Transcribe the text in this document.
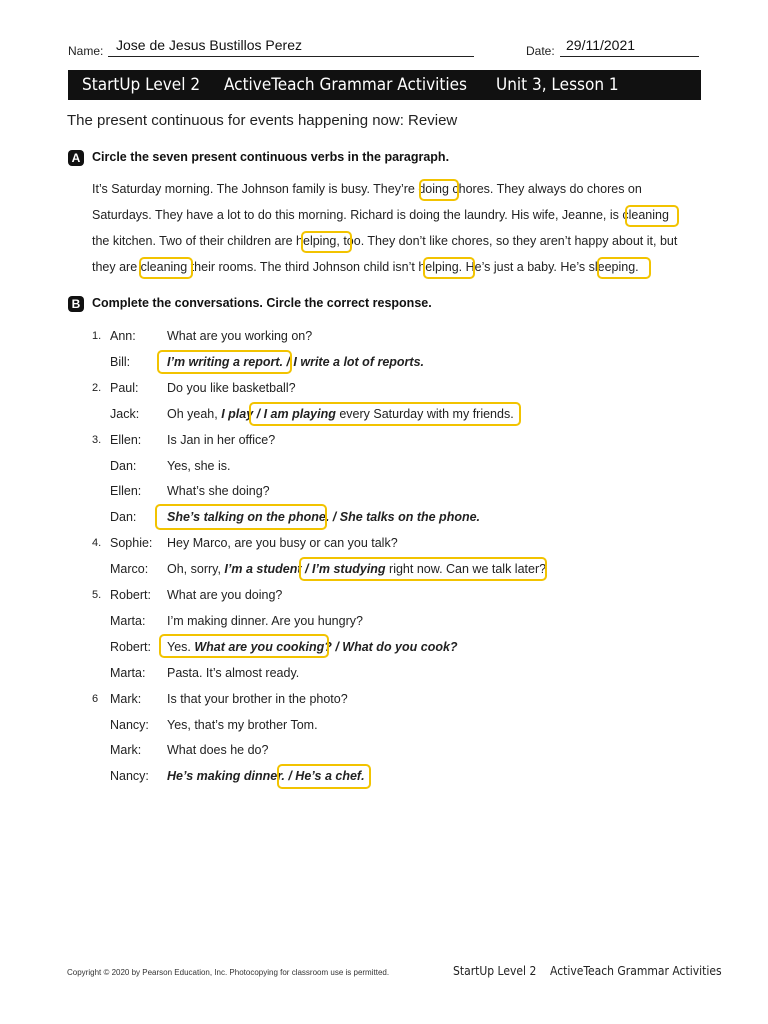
Name: Jose de Jesus Bustillos Perez	Date: 29/11/2021
StartUp Level 2 ActiveTeach Grammar Activities Unit 3, Lesson 1
The present continuous for events happening now: Review
A Circle the seven present continuous verbs in the paragraph.
It’s Saturday morning. The Johnson family is busy. They’re doing chores. They always do chores on
Saturdays. They have a lot to do this morning. Richard is doing the laundry. His wife, Jeanne, is cleaning
the kitchen. Two of their children are helping, too. They don’t like chores, so they aren’t happy about it, but
they are cleaning their rooms. The third Johnson child isn’t helping. He’s just a baby. He’s sleeping.
B Complete the conversations. Circle the correct response.
1. Ann:	What are you working on?
Bill:	I’m writing a report. / I write a lot of reports.
2. Paul: Do you like basketball?
Jack: Oh yeah, I play / I am playing every Saturday with my friends.
3. Ellen: Is Jan in her office?
Dan: Yes, she is.
Ellen: What’s she doing?
Dan: She’s talking on the phone. / She talks on the phone.
4. Sophie: Hey Marco, are you busy or can you talk?
Marco: Oh, sorry, I’m a student / I’m studying right now. Can we talk later?
5. Robert: What are you doing?
Marta: I’m making dinner. Are you hungry?
Robert: Yes. What are you cooking? / What do you cook?
Marta: Pasta. It’s almost ready.
6 Mark: Is that your brother in the photo?
Nancy: Yes, that’s my brother Tom.
Mark: What does he do?
Nancy: He’s making dinner. / He’s a chef.
Copyright © 2020 by Pearson Education, Inc. Photocopying for classroom use is permitted.	StartUp Level 2 ActiveTeach Grammar Activities
